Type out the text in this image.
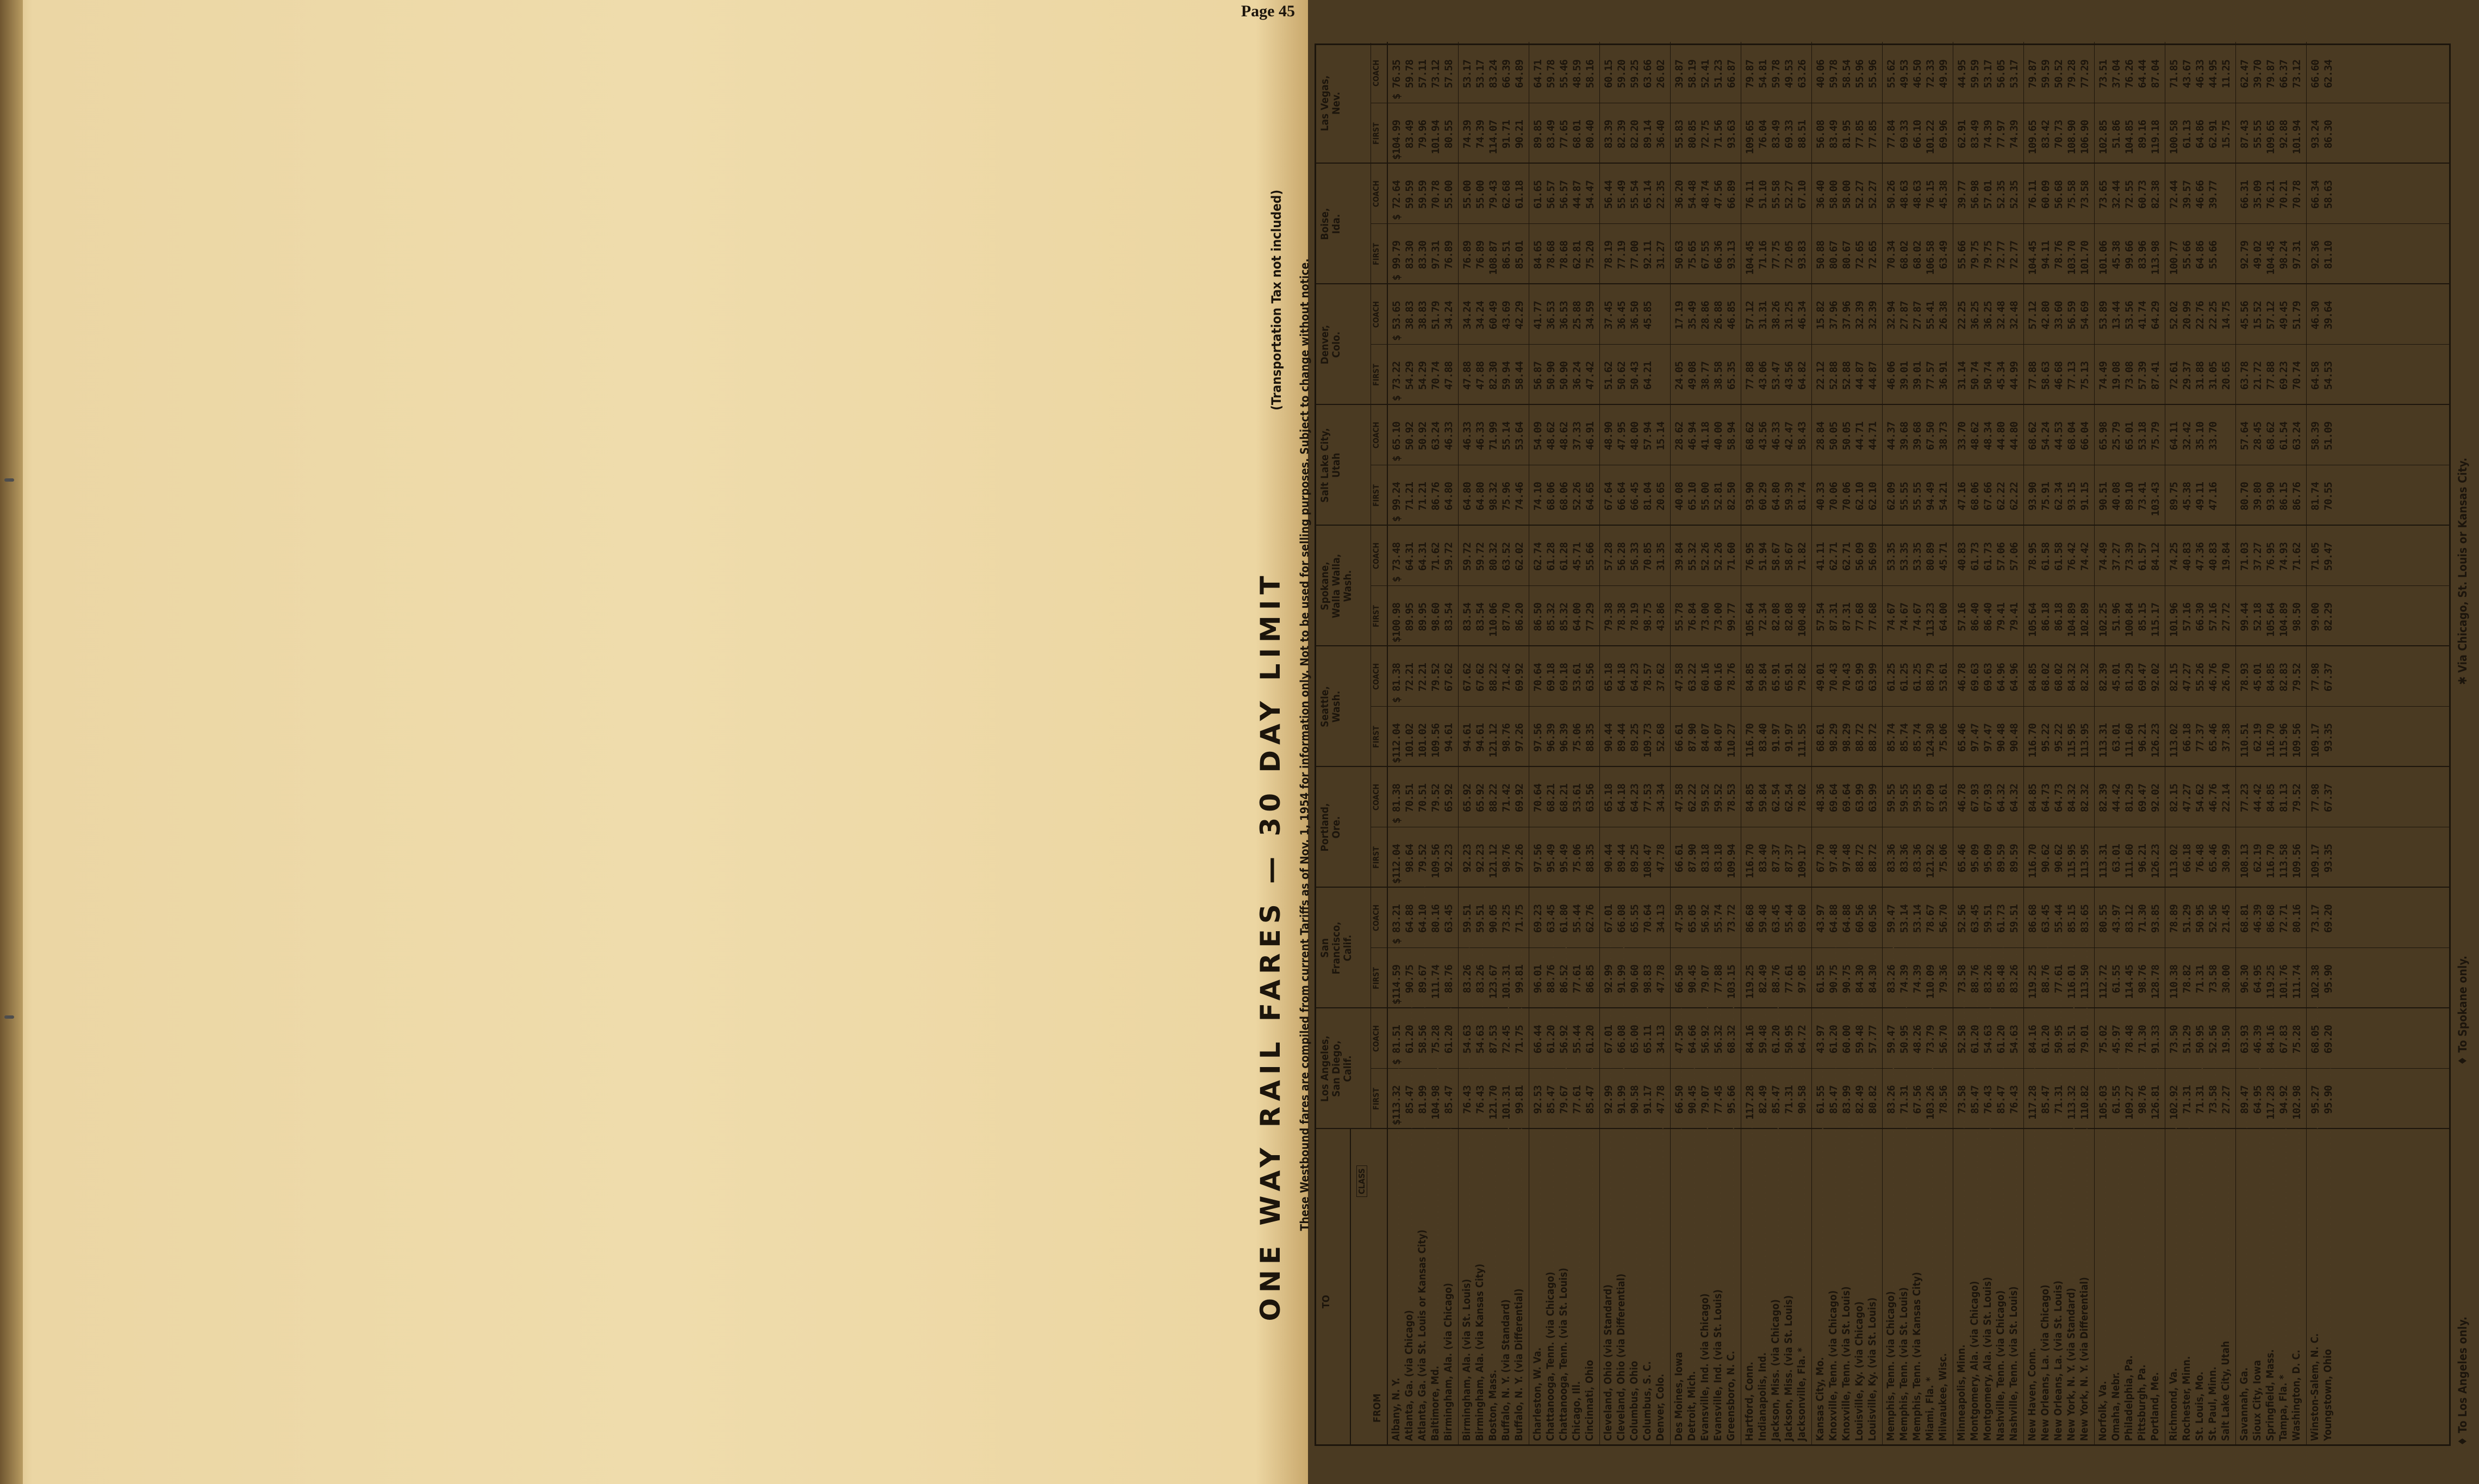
Page 45
ONE WAY RAIL FARES — 30 DAY LIMIT
(Transportation Tax not included) These Westbound fares are compiled from current Tariffs as of Nov. 1, 1954 for information only. Not to be used for selling purposes. Subject to change without notice.
TO
CLASS
FROM
Los Angeles, San Diego, Calif.
FIRST
COACH
San Francisco, Calif.
FIRST
COACH
Portland, Ore.
FIRST
COACH
Seattle, Wash.
FIRST
COACH
Spokane, Walla Walla, Wash.
FIRST
COACH
Salt Lake City, Utah
FIRST
COACH
Denver, Colo.
FIRST
COACH
Boise, Ida.
FIRST
COACH
Las Vegas, Nev.
FIRST
COACH
Albany, N. Y. . . .
$113.32
$ 81.51
$114.59
$ 83.21
$112.04
$ 81.38
$112.04
$ 81.38
$100.98
$ 73.48
$ 99.24
$ 65.10
$ 73.22
$ 53.65
$ 99.79
$ 72.64
$104.99
$ 76.35
Atlanta, Ga. (via Chicago) . . .
85.47
61.20
90.75
64.88
98.64
70.51
101.02
72.21
89.95
64.31
71.21
50.92
54.29
38.83
83.30
59.59
83.49
59.78
Atlanta, Ga. (via St. Louis or Kansas City) . . .
81.99
58.56
89.67
64.10
79.52
70.51
101.02
72.21
89.95
64.31
71.21
50.92
54.29
38.83
83.30
59.59
79.96
57.11
Baltimore, Md. . . .
104.98
75.28
111.74
80.16
109.56
79.52
109.56
79.52
98.60
71.62
86.76
63.24
70.74
51.79
97.31
70.78
101.94
73.12
Birmingham, Ala. (via Chicago) . . .
85.47
61.20
88.76
63.45
92.23
65.92
94.61
67.62
83.54
59.72
64.80
46.33
47.88
34.24
76.89
55.00
80.55
57.58
Birmingham, Ala. (via St. Louis) . . .
76.43
54.63
83.26
59.51
92.23
65.92
94.61
67.62
83.54
59.72
64.80
46.33
47.88
34.24
76.89
55.00
74.39
53.17
Birmingham, Ala. (via Kansas City) . . .
76.43
54.63
83.26
59.51
92.23
65.92
94.61
67.62
83.54
59.72
64.80
46.33
47.88
34.24
76.89
55.00
74.39
53.17
Boston, Mass. . . .
121.70
87.53
123.67
90.05
121.12
88.22
121.12
88.22
110.06
80.32
98.32
71.99
82.30
60.49
108.87
79.43
114.07
83.24
Buffalo, N. Y. (via Standard) . . .
101.31
72.45
101.31
73.25
98.76
71.42
98.76
71.42
87.70
63.52
75.96
55.14
59.94
43.69
86.51
62.68
91.71
66.39
Buffalo, N. Y. (via Differential) . . .
99.81
71.75
99.81
71.75
97.26
69.92
97.26
69.92
86.20
62.02
74.46
53.64
58.44
42.29
85.01
61.18
90.21
64.89
Charleston, W. Va. . . .
92.53
66.44
96.01
69.23
97.56
70.64
97.56
70.64
86.50
62.74
74.10
54.09
56.87
41.77
84.65
61.65
89.85
64.71
Chattanooga, Tenn. (via Chicago) . . .
85.47
61.20
88.76
63.45
95.49
68.21
96.39
69.18
85.32
61.28
68.06
48.62
50.90
36.53
78.68
56.57
83.49
59.78
Chattanooga, Tenn. (via St. Louis) . . .
79.67
56.92
86.52
61.80
95.49
68.21
96.39
69.18
85.32
61.28
68.06
48.62
50.90
36.53
78.68
56.57
77.65
55.46
Chicago, Ill. . . .
77.61
55.44
77.61
55.44
75.06
53.61
75.06
53.61
64.00
45.71
52.26
37.33
36.24
25.88
62.81
44.87
68.01
48.59
Cincinnati, Ohio . . .
85.47
61.20
86.85
62.76
88.35
63.56
88.35
63.56
77.29
55.66
64.65
46.91
47.42
34.59
75.20
54.47
80.40
58.16
Cleveland, Ohio (via Standard) . . .
92.99
67.01
92.99
67.01
90.44
65.18
90.44
65.18
79.38
57.28
67.64
48.90
51.62
37.45
78.19
56.44
83.39
60.15
Cleveland, Ohio (via Differential) . . .
91.99
66.08
91.99
66.08
89.44
64.18
89.44
64.18
78.38
56.28
66.64
47.95
50.62
36.45
77.19
55.49
82.39
59.20
Columbus, Ohio . . .
90.58
65.00
90.60
65.55
89.25
64.23
89.25
64.23
78.19
56.33
66.45
48.00
50.43
36.50
77.00
55.54
82.20
59.25
Columbus, S. C. . . .
91.17
65.11
98.83
70.64
108.47
77.53
109.73
78.57
98.75
70.85
81.04
57.94
64.21
45.85
92.11
65.14
89.14
63.66
Denver, Colo. . . .
47.78
34.13
47.78
34.13
47.78
34.34
52.68
37.62
43.86
31.35
20.65
15.14
31.27
22.35
36.40
26.02
Des Moines, Iowa . . .
66.50
47.50
66.50
47.50
66.61
47.58
66.61
47.58
55.78
39.84
40.08
28.62
24.05
17.19
50.63
36.20
55.83
39.87
Detroit, Mich. . . .
90.45
64.66
90.45
65.05
87.90
62.22
87.90
63.22
76.84
55.32
65.10
46.94
49.08
35.49
75.65
54.48
80.85
58.19
Evansville, Ind. (via Chicago) . . .
79.07
56.92
79.07
56.92
83.18
59.52
84.07
60.16
73.00
52.26
55.00
41.18
38.77
28.86
67.55
48.74
72.75
52.41
Evansville, Ind. (via St. Louis) . . .
77.45
56.32
77.88
55.74
83.18
59.52
84.07
60.16
73.00
52.26
52.81
40.00
38.58
26.88
66.36
47.56
71.56
51.23
Greensboro, N. C. . . .
95.66
68.32
103.15
73.72
109.94
78.53
110.27
78.76
99.77
71.60
82.50
58.94
65.35
46.85
93.13
66.89
93.63
66.87
Hartford, Conn. . . .
117.28
84.16
119.25
86.68
116.70
84.85
116.70
84.85
105.64
76.95
93.90
68.62
77.88
57.12
104.45
76.11
109.65
79.87
Indianapolis, Ind. . . .
82.49
59.48
82.49
59.48
83.40
59.84
83.40
59.84
72.34
51.94
60.29
43.56
43.06
31.31
71.16
51.10
76.04
54.81
Jackson, Miss. (via Chicago) . . .
85.47
61.20
88.76
63.45
87.37
62.54
91.97
65.91
82.08
58.67
64.80
46.33
53.47
38.26
77.75
55.58
83.49
59.78
Jackson, Miss. (via St. Louis) . . .
71.31
50.95
77.61
55.44
87.37
62.54
91.97
65.91
82.08
58.67
59.39
42.47
43.56
31.25
72.05
52.27
69.33
49.53
Jacksonville, Fla. * . . .
90.58
64.72
97.05
69.60
109.17
78.02
111.55
79.82
100.48
71.82
81.74
58.43
64.82
46.34
93.83
67.10
88.51
63.26
Kansas City, Mo. . . .
61.55
43.97
61.55
43.97
67.70
48.36
68.61
49.01
57.54
41.11
40.33
28.84
22.12
15.82
50.88
36.40
56.08
40.06
Knoxville, Tenn. (via Chicago) . . .
85.47
61.20
90.75
64.88
97.48
69.64
98.29
70.43
87.31
62.71
70.06
50.05
52.88
37.96
80.67
58.00
83.49
59.78
Knoxville, Tenn. (via St. Louis) . . .
83.99
60.00
90.75
64.88
97.48
69.64
98.29
70.43
87.31
62.71
70.06
50.05
52.88
37.96
80.67
58.00
81.95
58.54
Louisville, Ky. (via Chicago) . . .
82.49
59.48
84.30
60.56
88.72
63.99
88.72
63.99
77.68
56.09
62.10
44.71
44.87
32.39
72.65
52.27
77.85
55.96
Louisville, Ky. (via St. Louis) . . .
80.82
57.77
84.30
60.56
88.72
63.99
88.72
63.99
77.68
56.09
62.10
44.71
44.87
32.39
72.65
52.27
77.85
55.96
Memphis, Tenn. (via Chicago) . . .
83.26
59.47
83.26
59.47
83.36
59.55
85.74
61.25
74.67
53.35
62.09
44.37
46.06
32.94
70.34
50.26
77.84
55.62
Memphis, Tenn. (via St. Louis) . . .
71.31
50.95
74.39
53.14
83.36
59.55
85.74
61.25
74.67
53.35
55.55
39.68
39.01
27.87
68.02
48.63
69.33
49.53
Memphis, Tenn. (via Kansas City) . . .
67.56
48.26
74.39
53.14
83.36
59.55
85.74
61.25
74.67
53.35
55.55
39.68
39.01
27.87
68.02
48.63
66.10
46.50
Miami, Fla. * . . .
103.26
73.79
110.09
78.67
121.92
87.09
124.30
88.79
113.23
80.89
94.49
67.50
77.57
55.41
106.58
76.15
101.22
72.33
Milwaukee, Wisc. . . .
78.56
56.70
79.36
56.70
75.06
53.61
75.06
53.61
64.00
45.71
54.21
38.73
36.91
26.38
63.49
45.38
69.96
49.99
Minneapolis, Minn. . . .
73.58
52.58
73.58
52.56
65.46
46.78
65.46
46.78
57.16
40.83
47.16
33.70
31.14
22.25
55.66
39.77
62.91
44.95
Montgomery, Ala. (via Chicago) . . .
85.47
61.20
88.76
63.45
95.09
67.93
97.47
69.63
86.40
61.73
68.06
48.62
50.74
36.25
79.75
56.98
83.49
59.59
Montgomery, Ala. (via St. Louis) . . .
76.43
54.63
83.26
59.51
95.09
67.93
97.47
69.63
86.40
61.73
67.66
48.34
50.74
36.25
79.75
57.01
74.39
53.17
Nashville, Tenn. (via Chicago) . . .
85.47
61.20
85.48
61.73
89.59
64.32
90.48
64.96
79.41
57.06
62.22
44.80
45.34
32.48
72.77
52.35
77.97
56.05
Nashville, Tenn. (via St. Louis) . . .
76.43
54.63
83.26
59.51
89.59
64.32
90.48
64.96
79.41
57.06
62.22
44.80
44.99
32.48
72.77
52.35
74.39
53.17
New Haven, Conn. . . .
117.28
84.16
119.25
86.68
116.70
84.85
116.70
84.85
105.64
78.95
93.90
68.62
77.88
57.12
104.45
76.11
109.65
79.87
New Orleans, La. (via Chicago) . . .
85.47
61.20
88.76
63.45
90.62
64.73
95.22
68.02
86.18
61.58
75.91
54.24
58.63
42.80
94.11
60.09
83.42
59.59
New Orleans, La. (via St. Louis) . . .
71.31
50.95
77.61
55.44
90.62
64.73
95.22
68.02
86.18
61.58
62.34
44.53
46.68
33.60
78.76
56.68
70.73
50.52
New York, N. Y. (via Standard) . . .
113.32
81.51
116.01
85.15
115.95
84.32
115.95
84.32
104.89
76.42
93.15
68.04
77.13
56.59
103.70
75.58
108.90
79.28
New York, N. Y. (via Differential) . . .
110.82
79.01
113.50
83.65
113.95
82.32
113.95
82.32
102.89
74.42
91.15
66.04
75.13
54.69
101.70
73.58
106.90
77.29
Norfolk, Va. . . .
105.03
75.02
112.72
80.55
113.31
82.39
113.31
82.39
102.25
74.49
90.51
65.98
74.49
53.89
101.06
73.65
102.85
73.51
Omaha, Nebr. . . .
61.55
45.97
61.55
43.97
63.01
44.42
63.01
45.01
51.96
37.27
40.08
25.79
19.08
13.44
45.38
32.44
51.86
37.04
Philadelphia, Pa. . . .
109.27
78.48
114.45
83.12
111.60
81.29
111.60
81.29
100.84
73.39
89.10
65.01
73.08
53.56
99.66
72.55
104.85
76.26
Pittsburgh, Pa. . . .
98.76
71.30
98.76
71.30
96.21
69.47
96.21
69.47
85.15
61.57
73.41
53.18
57.39
41.74
83.96
60.73
89.16
64.44
Portland, Me. . . .
126.81
91.33
128.78
93.85
126.23
92.02
126.23
92.02
115.17
84.12
103.43
75.79
87.41
64.29
113.98
82.38
119.18
87.04
Richmond, Va. . . .
102.92
73.50
110.38
78.89
113.02
82.15
113.02
82.15
101.96
74.25
89.75
64.11
72.61
52.02
100.77
72.44
100.58
71.85
Rochester, Minn. . . .
71.31
51.29
78.82
51.29
66.18
47.27
66.18
47.27
57.16
40.83
45.38
32.42
29.37
20.99
55.66
39.57
61.13
43.67
St. Louis, Mo. . . .
71.31
50.95
71.31
50.95
76.48
54.62
77.37
55.26
66.30
47.36
49.11
35.10
31.88
22.76
64.86
46.66
64.86
46.33
St. Paul, Minn. . . .
73.58
52.56
73.58
52.56
65.46
46.76
65.46
46.76
57.16
40.83
47.16
33.70
31.05
22.25
55.66
39.77
62.91
44.95
Salt Lake City, Utah . . .
27.27
19.50
30.00
21.45
30.99
22.14
37.38
26.70
27.72
19.84
20.65
14.75
15.75
11.25
Savannah, Ga. . . .
89.47
63.93
96.30
68.81
108.13
77.23
110.51
78.93
99.44
71.03
80.70
57.64
63.78
45.56
92.79
66.31
87.43
62.47
Sioux City, Iowa . . .
64.95
46.39
64.95
46.39
62.19
44.42
62.19
45.01
52.18
37.27
39.80
28.45
21.72
15.52
49.02
35.09
55.55
39.70
Springfield, Mass. . . .
117.28
84.16
119.25
86.68
116.70
84.85
116.70
84.85
105.64
76.95
93.90
68.62
77.88
57.12
104.45
76.21
109.65
79.87
Tampa, Fla. * . . .
94.92
67.83
101.76
72.71
113.58
81.13
115.96
82.83
104.89
74.93
86.15
61.54
69.23
49.45
98.24
70.21
92.88
66.37
Washington, D. C. . . .
102.98
75.28
111.74
80.16
109.56
79.52
109.56
79.52
98.50
71.62
86.76
63.24
70.74
51.79
97.31
70.78
101.94
73.12
Winston-Salem, N. C. . . .
95.27
68.05
102.38
73.17
109.17
77.98
109.17
77.98
99.00
71.05
81.74
58.39
64.58
46.30
92.36
66.34
93.24
66.60
Youngstown, Ohio . . .
95.90
69.20
95.90
69.20
93.35
67.37
93.35
67.37
82.29
59.47
70.55
51.09
54.53
39.64
81.10
58.63
86.30
62.34
♦ To Los Angeles only.
♦ To Spokane only.
✱ Via Chicago, St. Louis or Kansas City.
